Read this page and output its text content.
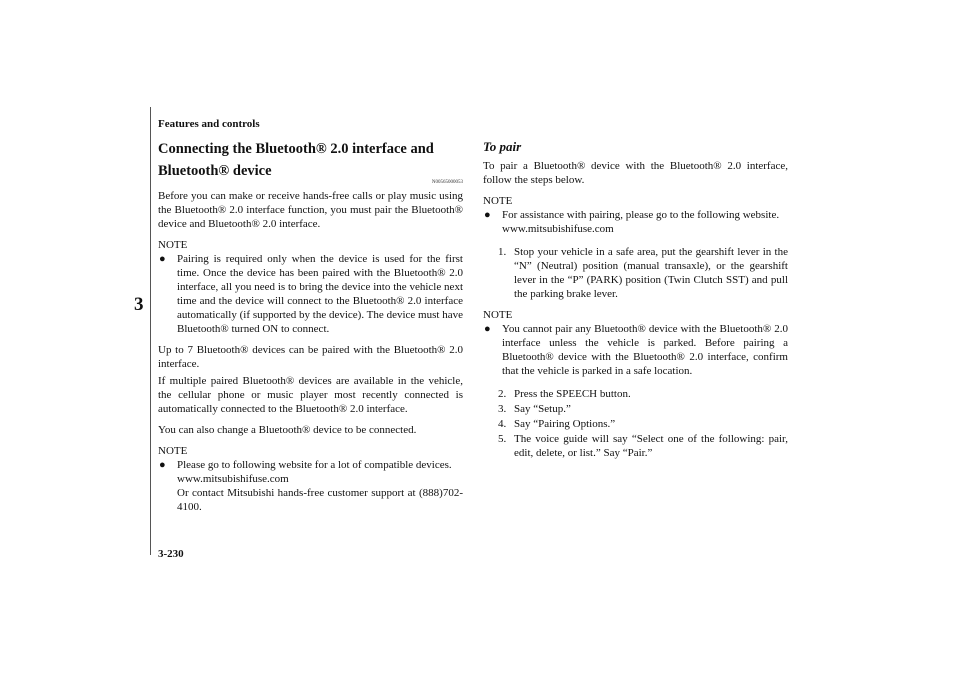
Features and controls
3
3-230
Connecting the Bluetooth® 2.0 interface and
Bluetooth® device
N00565000053
Before you can make or receive hands-free calls or play music using the Bluetooth® 2.0 interface function, you must pair the Bluetooth® device and Bluetooth® 2.0 interface.
NOTE
● Pairing is required only when the device is used for the first time. Once the device has been paired with the Bluetooth® 2.0 interface, all you need is to bring the device into the vehicle next time and the device will connect to the Bluetooth® 2.0 interface automatically (if supported by the device). The device must have Bluetooth® turned ON to connect.
Up to 7 Bluetooth® devices can be paired with the Bluetooth® 2.0 interface.
If multiple paired Bluetooth® devices are available in the vehicle, the cellular phone or music player most recently connected is automatically connected to the Bluetooth® 2.0 interface.
You can also change a Bluetooth® device to be connected.
NOTE
● Please go to following website for a lot of compatible devices.
www.mitsubishifuse.com
Or contact Mitsubishi hands-free customer support at (888)702-4100.
To pair
To pair a Bluetooth® device with the Bluetooth® 2.0 interface, follow the steps below.
NOTE
● For assistance with pairing, please go to the following website.
www.mitsubishifuse.com
1. Stop your vehicle in a safe area, put the gearshift lever in the “N” (Neutral) position (manual transaxle), or the gearshift lever in the “P” (PARK) position (Twin Clutch SST) and pull the parking brake lever.
NOTE
● You cannot pair any Bluetooth® device with the Bluetooth® 2.0 interface unless the vehicle is parked. Before pairing a Bluetooth® device with the Bluetooth® 2.0 interface, confirm that the vehicle is parked in a safe location.
2. Press the SPEECH button.
3. Say “Setup.”
4. Say “Pairing Options.”
5. The voice guide will say “Select one of the following: pair, edit, delete, or list.” Say “Pair.”
